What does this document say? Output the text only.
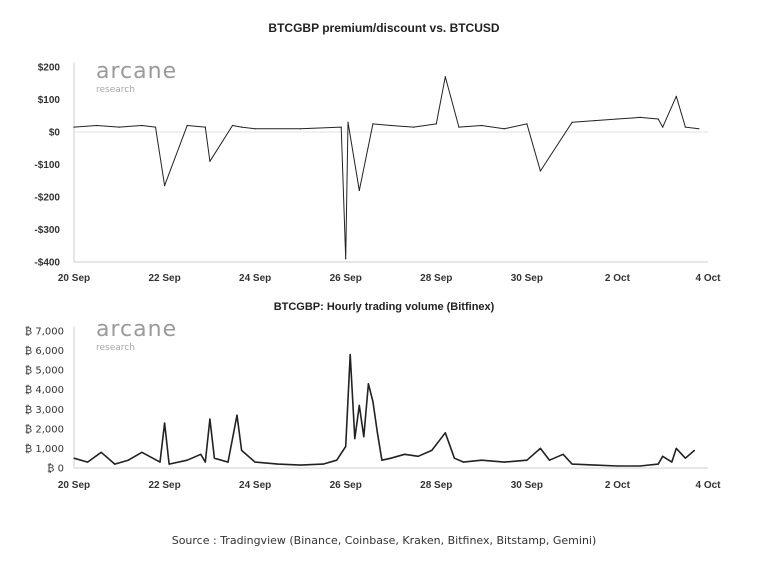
BTCGBP premium/discount vs. BTCUSD
BTCGBP: Hourly trading volume (Bitfinex)
arcane
research
arcane
research
$200
$100
$0
-$100
-$200
-$300
-$400
20 Sep	22 Sep	24 Sep	26 Sep	28 Sep	30 Sep	2 Oct	4 Oct
₿ 7,000
₿ 6,000
₿ 5,000
₿ 4,000
₿ 3,000
₿ 2,000
₿ 1,000
₿ 0
20 Sep	22 Sep	24 Sep	26 Sep	28 Sep	30 Sep	2 Oct	4 Oct
Source : Tradingview (Binance, Coinbase, Kraken, Bitfinex, Bitstamp, Gemini)
